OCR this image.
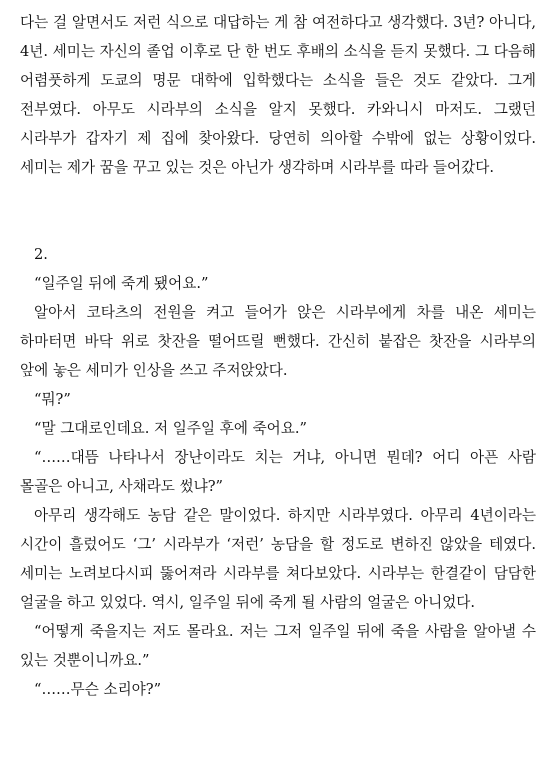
다는 걸 알면서도 저런 식으로 대답하는 게 참 여전하다고 생각했다. 3년? 아니다, 4년. 세미는 자신의 졸업 이후로 단 한 번도 후배의 소식을 듣지 못했다. 그 다음해 어렴풋하게 도쿄의 명문 대학에 입학했다는 소식을 들은 것도 같았다. 그게 전부였다. 아무도 시라부의 소식을 알지 못했다. 카와니시 마저도. 그랬던 시라부가 갑자기 제 집에 찾아왔다. 당연히 의아할 수밖에 없는 상황이었다. 세미는 제가 꿈을 꾸고 있는 것은 아닌가 생각하며 시라부를 따라 들어갔다.

2.

“일주일 뒤에 죽게 됐어요.”

알아서 코타츠의 전원을 켜고 들어가 앉은 시라부에게 차를 내온 세미는 하마터면 바닥 위로 찻잔을 떨어뜨릴 뻔했다. 간신히 붙잡은 찻잔을 시라부의 앞에 놓은 세미가 인상을 쓰고 주저앉았다.

“뭐?”

“말 그대로인데요. 저 일주일 후에 죽어요.”

“……대뜸 나타나서 장난이라도 치는 거냐, 아니면 뭔데? 어디 아픈 사람 몰골은 아니고, 사채라도 썼냐?”

아무리 생각해도 농담 같은 말이었다. 하지만 시라부였다. 아무리 4년이라는 시간이 흘렀어도 ‘그’ 시라부가 ‘저런’ 농담을 할 정도로 변하진 않았을 테였다. 세미는 노려보다시피 뚫어져라 시라부를 쳐다보았다. 시라부는 한결같이 담담한 얼굴을 하고 있었다. 역시, 일주일 뒤에 죽게 될 사람의 얼굴은 아니었다.

“어떻게 죽을지는 저도 몰라요. 저는 그저 일주일 뒤에 죽을 사람을 알아낼 수 있는 것뿐이니까요.”

“……무슨 소리야?”
